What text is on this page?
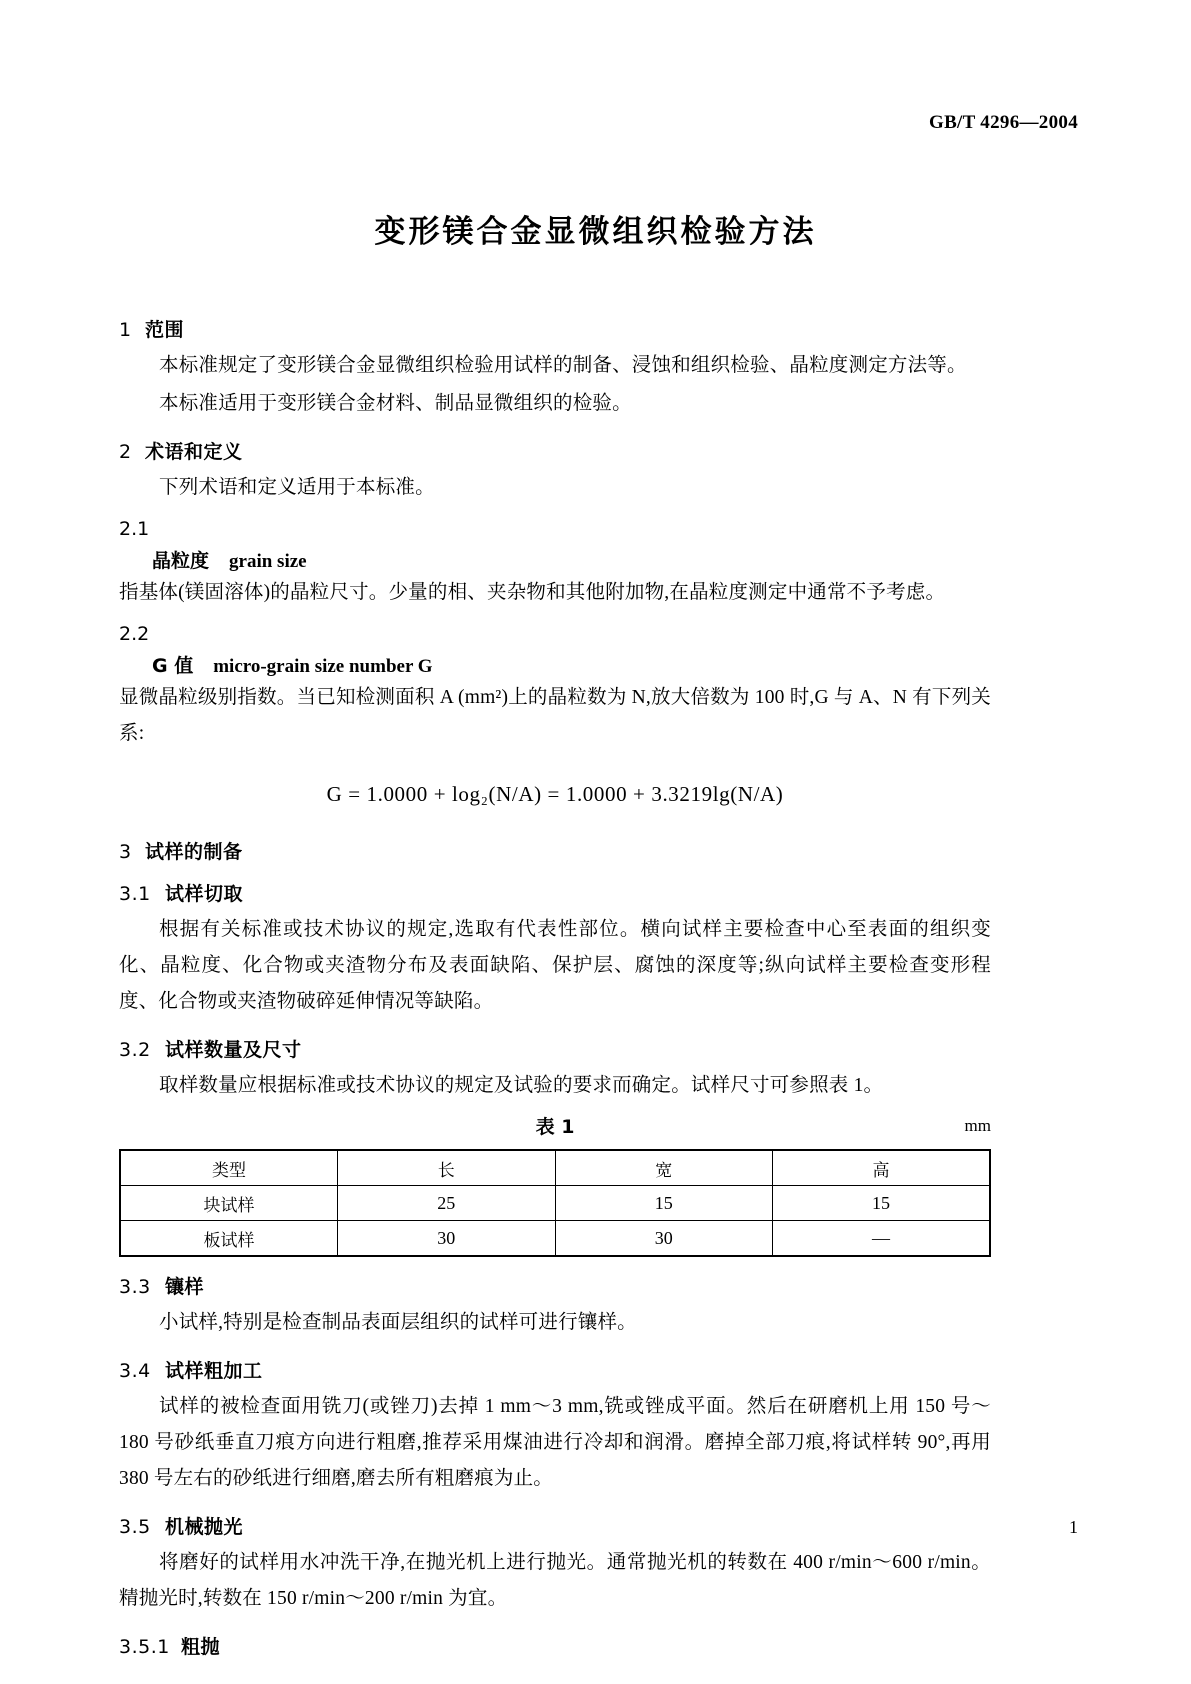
GB/T 4296—2004
变形镁合金显微组织检验方法
1 范围

本标准规定了变形镁合金显微组织检验用试样的制备、浸蚀和组织检验、晶粒度测定方法等。

本标准适用于变形镁合金材料、制品显微组织的检验。

2 术语和定义

下列术语和定义适用于本标准。

2.1
晶粒度 grain size

指基体(镁固溶体)的晶粒尺寸。少量的相、夹杂物和其他附加物,在晶粒度测定中通常不予考虑。

2.2
G 值 micro-grain size number G

显微晶粒级别指数。当已知检测面积 A (mm²)上的晶粒数为 N,放大倍数为 100 时,G 与 A、N 有下列关系:

G = 1.0000 + log₂(N/A) = 1.0000 + 3.3219lg(N/A)
3 试样的制备
3.1 试样切取

根据有关标准或技术协议的规定,选取有代表性部位。横向试样主要检查中心至表面的组织变化、晶粒度、化合物或夹渣物分布及表面缺陷、保护层、腐蚀的深度等;纵向试样主要检查变形程度、化合物或夹渣物破碎延伸情况等缺陷。

3.2 试样数量及尺寸

取样数量应根据标准或技术协议的规定及试验的要求而确定。试样尺寸可参照表 1。

表 1	mm
类型	长	宽	高
块试样	25	15	15
板试样	30	30	—
3.3 镶样

小试样,特别是检查制品表面层组织的试样可进行镶样。

3.4 试样粗加工

试样的被检查面用铣刀(或锉刀)去掉 1 mm～3 mm,铣或锉成平面。然后在研磨机上用 150 号～180 号砂纸垂直刀痕方向进行粗磨,推荐采用煤油进行冷却和润滑。磨掉全部刀痕,将试样转 90°,再用 380 号左右的砂纸进行细磨,磨去所有粗磨痕为止。

3.5 机械抛光

将磨好的试样用水冲洗干净,在抛光机上进行抛光。通常抛光机的转数在 400 r/min～600 r/min。精抛光时,转数在 150 r/min～200 r/min 为宜。

3.5.1 粗抛
1
